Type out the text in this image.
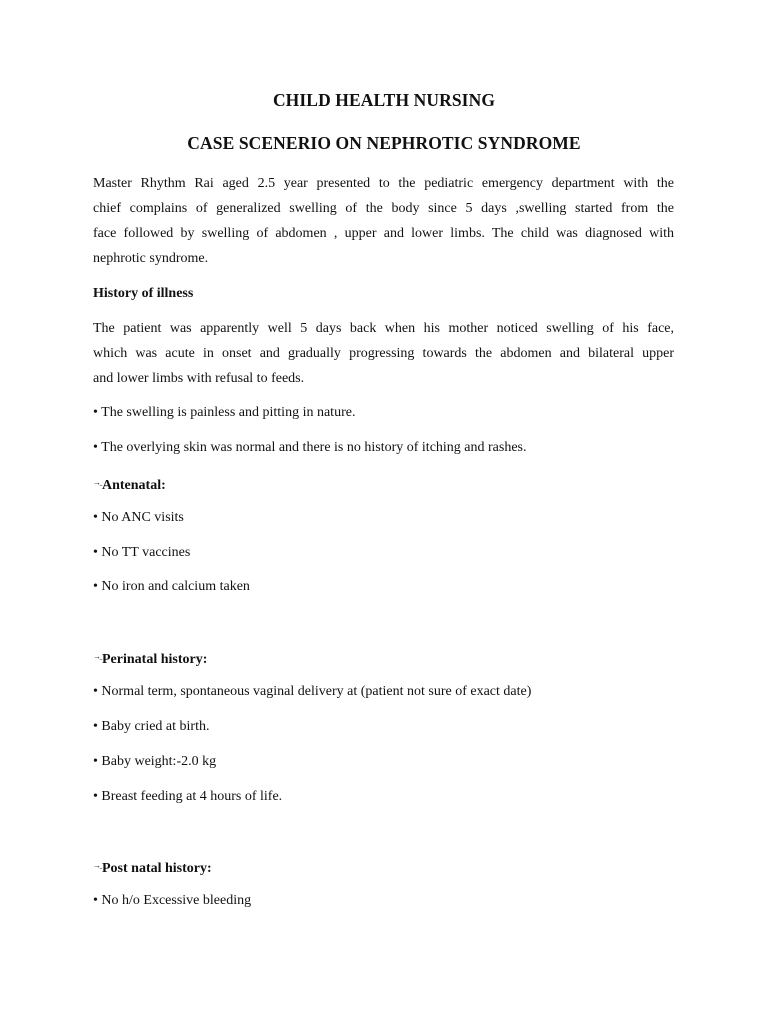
CHILD HEALTH NURSING
CASE SCENERIO ON NEPHROTIC SYNDROME
Master Rhythm Rai aged 2.5 year presented to the pediatric emergency department with the
chief complains of generalized swelling of the body since 5 days ,swelling started from the
face followed by swelling of abdomen , upper and lower limbs. The child was diagnosed with
nephrotic syndrome.
History of illness
The patient was apparently well 5 days back when his mother noticed swelling of his face,
which was acute in onset and gradually progressing towards the abdomen and bilateral upper
and lower limbs with refusal to feeds.
• The swelling is painless and pitting in nature.
• The overlying skin was normal and there is no history of itching and rashes.
→̱Antenatal:
• No ANC visits
• No TT vaccines
• No iron and calcium taken
→̱Perinatal history:
• Normal term, spontaneous vaginal delivery at (patient not sure of exact date)
• Baby cried at birth.
• Baby weight:-2.0 kg
• Breast feeding at 4 hours of life.
→̱Post natal history:
• No h/o Excessive bleeding
